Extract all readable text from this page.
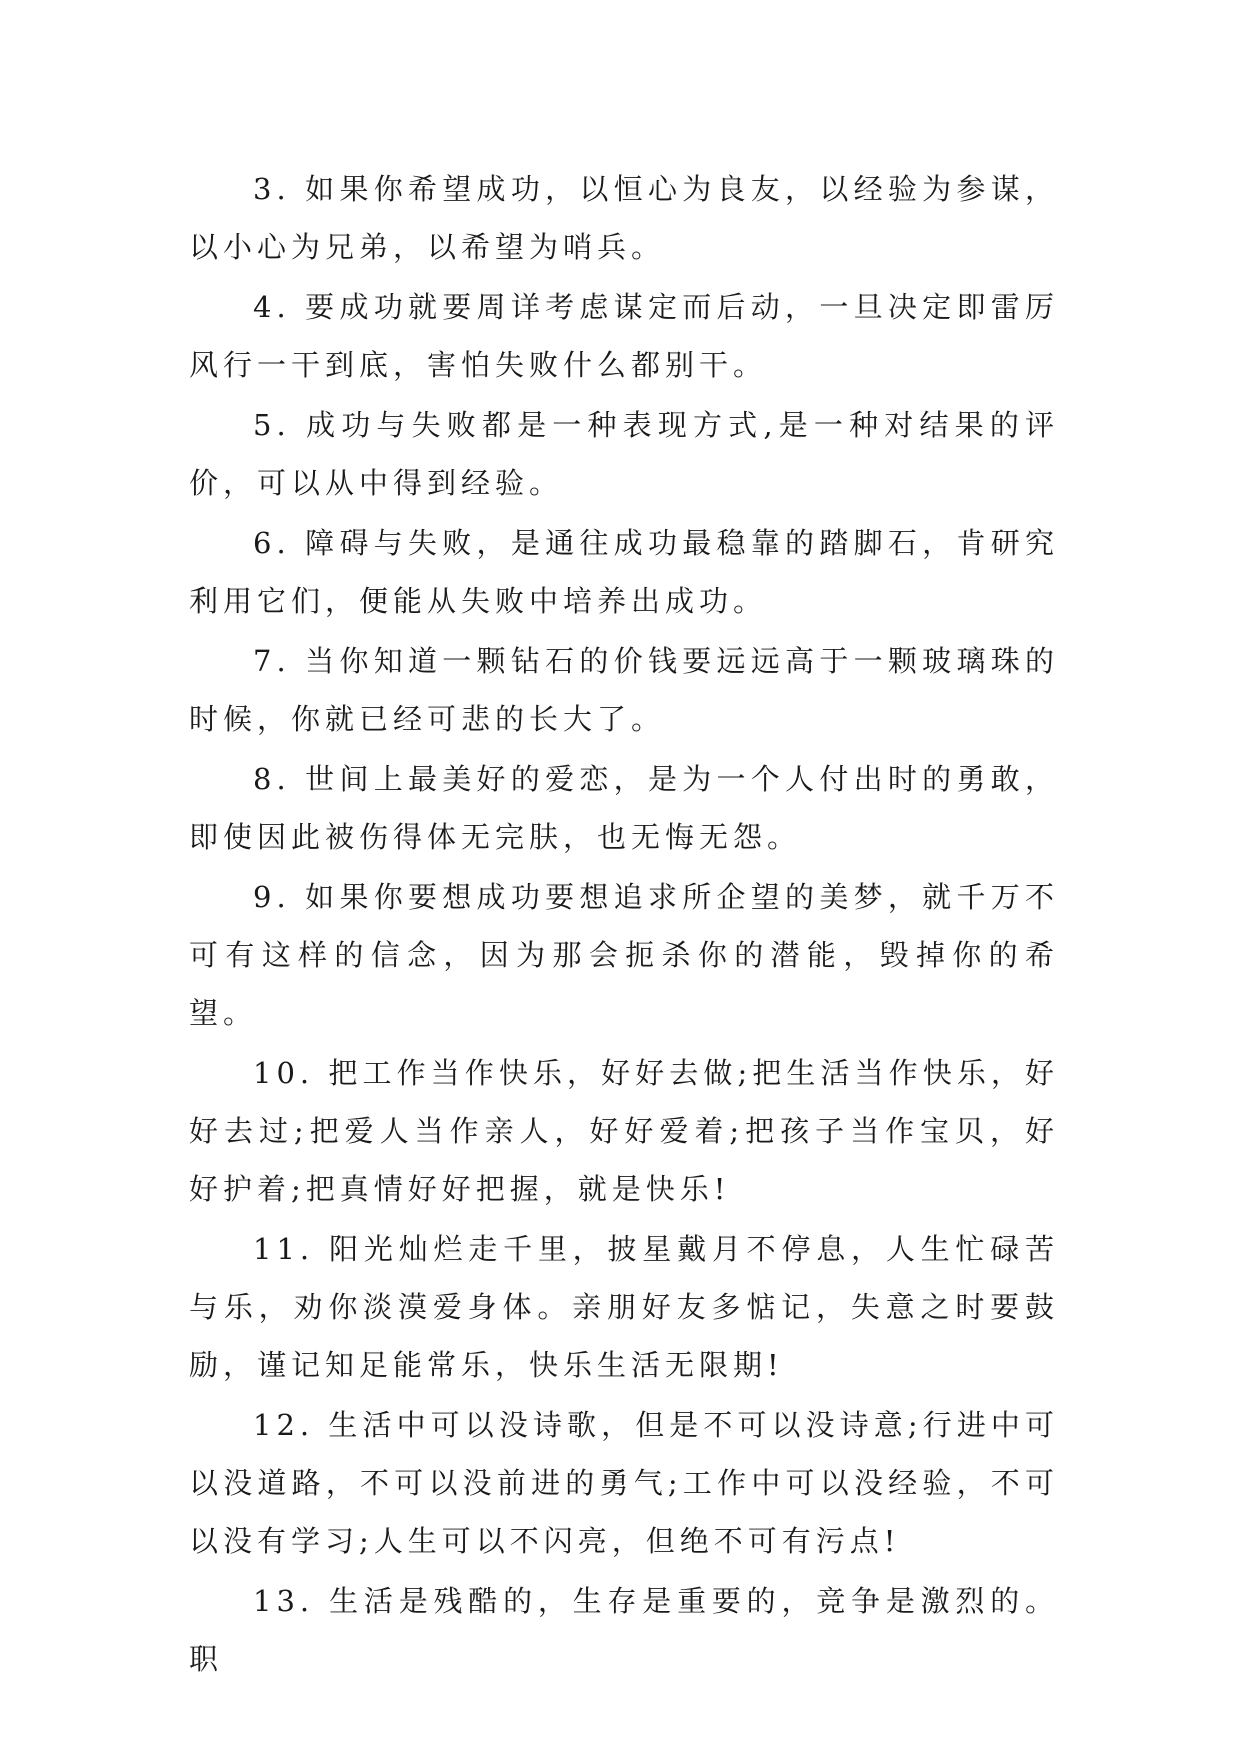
3. 如果你希望成功，以恒心为良友，以经验为参谋，以小心为兄弟，以希望为哨兵。

4. 要成功就要周详考虑谋定而后动，一旦决定即雷厉风行一干到底，害怕失败什么都别干。

5. 成功与失败都是一种表现方式,是一种对结果的评价，可以从中得到经验。

6. 障碍与失败，是通往成功最稳靠的踏脚石，肯研究利用它们，便能从失败中培养出成功。

7. 当你知道一颗钻石的价钱要远远高于一颗玻璃珠的时候，你就已经可悲的长大了。

8. 世间上最美好的爱恋，是为一个人付出时的勇敢，即使因此被伤得体无完肤，也无悔无怨。

9. 如果你要想成功要想追求所企望的美梦，就千万不可有这样的信念，因为那会扼杀你的潜能，毁掉你的希望。

10. 把工作当作快乐，好好去做;把生活当作快乐，好好去过;把爱人当作亲人，好好爱着;把孩子当作宝贝，好好护着;把真情好好把握，就是快乐!

11. 阳光灿烂走千里，披星戴月不停息，人生忙碌苦与乐，劝你淡漠爱身体。亲朋好友多惦记，失意之时要鼓励，谨记知足能常乐，快乐生活无限期!

12. 生活中可以没诗歌，但是不可以没诗意;行进中可以没道路，不可以没前进的勇气;工作中可以没经验，不可以没有学习;人生可以不闪亮，但绝不可有污点!

13. 生活是残酷的，生存是重要的，竞争是激烈的。职
